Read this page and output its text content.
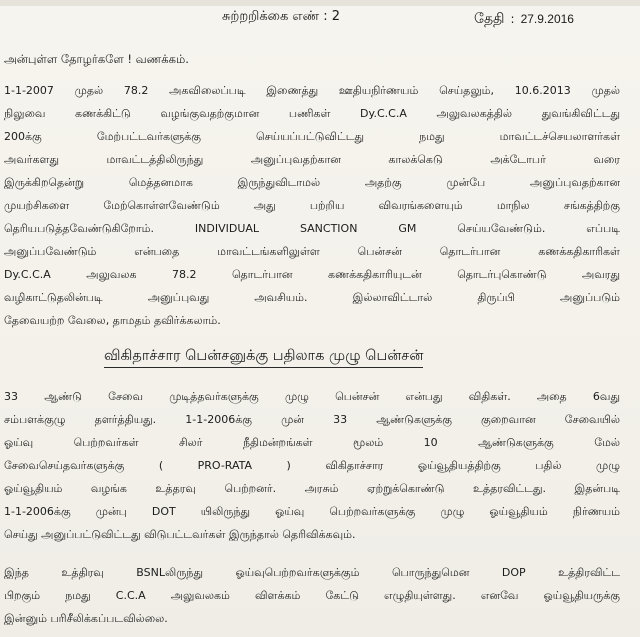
சுற்றறிக்கை எண் : 2	தேதி : 27.9.2016
அன்புள்ள தோழர்களே ! வணக்கம்.

1-1-2007 முதல் 78.2 அகவிலைப்படி இணைத்து ஊதியநிர்ணயம் செய்தலும், 10.6.2013 முதல்
நிலுவை கணக்கிட்டு வழங்குவதற்குமான பணிகள் Dy.C.C.A அலுவலகத்தில் துவங்கிவிட்டது
200க்கு மேற்பட்டவர்களுக்கு செய்யப்பட்டுவிட்டது நமது மாவட்டச்செயலாளர்கள்
அவர்களது மாவட்டத்திலிருந்து அனுப்புவதற்கான காலக்கெடு அக்டோபர் வரை
இருக்கிறதென்று மெத்தனமாக இருந்துவிடாமல் அதற்கு முன்பே அனுப்புவதற்கான
முயற்சிகளை மேற்கொள்ளவேண்டும் அது பற்றிய விவரங்களையும் மாநில சங்கத்திற்கு
தெரியபடுத்தவேண்டுகிறோம். INDIVIDUAL SANCTION GM செய்யவேண்டும். எப்படி
அனுப்பவேண்டும் என்பதை மாவட்டங்களிலுள்ள பென்சன் தொடர்பான கணக்கதிகாரிகள்
Dy.C.C.A அலுவலக 78.2 தொடர்பான கணக்கதிகாரியுடன் தொடர்புகொண்டு அவரது
வழிகாட்டுதலின்படி அனுப்புவது அவசியம். இல்லாவிட்டால் திருப்பி அனுப்படும்
தேவையற்ற வேலை, தாமதம் தவிர்க்கலாம்.

விகிதாச்சார பென்சனுக்கு பதிலாக முழு பென்சன்

33 ஆண்டு சேவை முடித்தவர்களுக்கு முழு பென்சன் என்பது விதிகள். அதை 6வது
சம்பளக்குழு தளர்த்தியது. 1-1-2006க்கு முன் 33 ஆண்டுகளுக்கு குறைவான சேவையில்
ஓய்வு பெற்றவர்கள் சிலர் நீதிமன்றங்கள் மூலம் 10 ஆண்டுகளுக்கு மேல்
சேவைசெய்தவர்களுக்கு ( PRO-RATA ) விகிதாச்சார ஓய்வூதியத்திற்கு பதில் முழு
ஓய்வூதியம் வழங்க உத்தரவு பெற்றனர். அரசும் ஏற்றுக்கொண்டு உத்தரவிட்டது. இதன்படி
1-1-2006க்கு முன்பு DOT யிலிருந்து ஓய்வு பெற்றவர்களுக்கு முழு ஓய்வூதியம் நிர்ணயம்
செய்து அனுப்பட்டுவிட்டது விடுபட்டவர்கள் இருந்தால் தெரிவிக்கவும்.

இந்த உத்திரவு BSNLலிருந்து ஓய்வுபெற்றவர்களுக்கும் பொருந்துமென DOP உத்திரவிட்ட
பிறகும் நமது C.C.A அலுவலகம் விளக்கம் கேட்டு எழுதியுள்ளது. எனவே ஓய்வூதியருக்கு
இன்னும் பரிசீலிக்கப்படவில்லை.
